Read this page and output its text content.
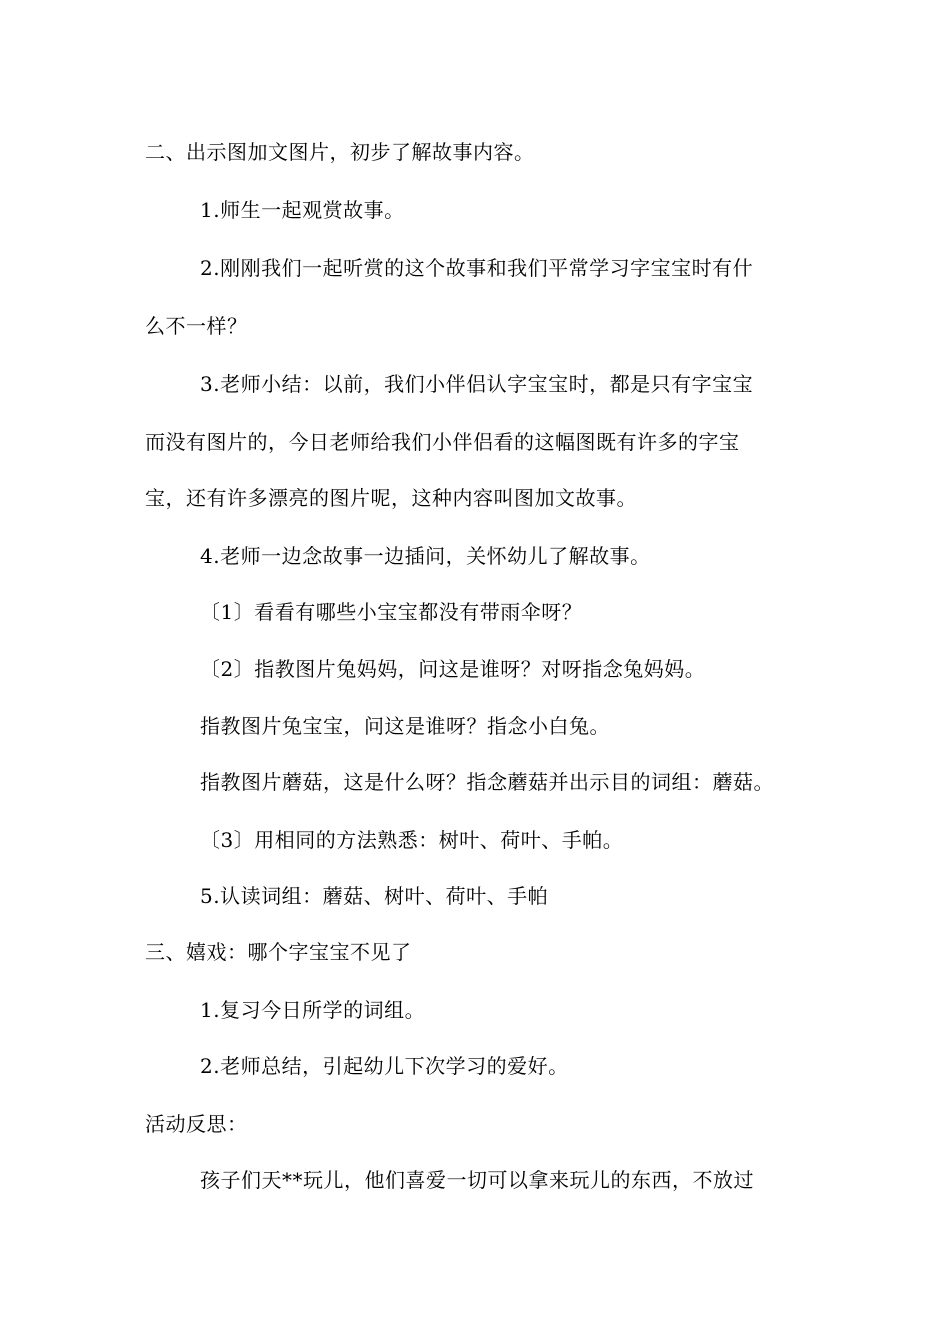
二、出示图加文图片，初步了解故事内容。
1.师生一起观赏故事。
2.刚刚我们一起听赏的这个故事和我们平常学习字宝宝时有什
么不一样？
3.老师小结：以前，我们小伴侣认字宝宝时，都是只有字宝宝
而没有图片的，今日老师给我们小伴侣看的这幅图既有许多的字宝
宝，还有许多漂亮的图片呢，这种内容叫图加文故事。
4.老师一边念故事一边插问，关怀幼儿了解故事。
〔1〕看看有哪些小宝宝都没有带雨伞呀？
〔2〕指教图片兔妈妈，问这是谁呀？对呀指念兔妈妈。
指教图片兔宝宝，问这是谁呀？指念小白兔。
指教图片蘑菇，这是什么呀？指念蘑菇并出示目的词组：蘑菇。
〔3〕用相同的方法熟悉：树叶、荷叶、手帕。
5.认读词组：蘑菇、树叶、荷叶、手帕
三、嬉戏：哪个字宝宝不见了
1.复习今日所学的词组。
2.老师总结，引起幼儿下次学习的爱好。
活动反思：
孩子们天**玩儿，他们喜爱一切可以拿来玩儿的东西，不放过
